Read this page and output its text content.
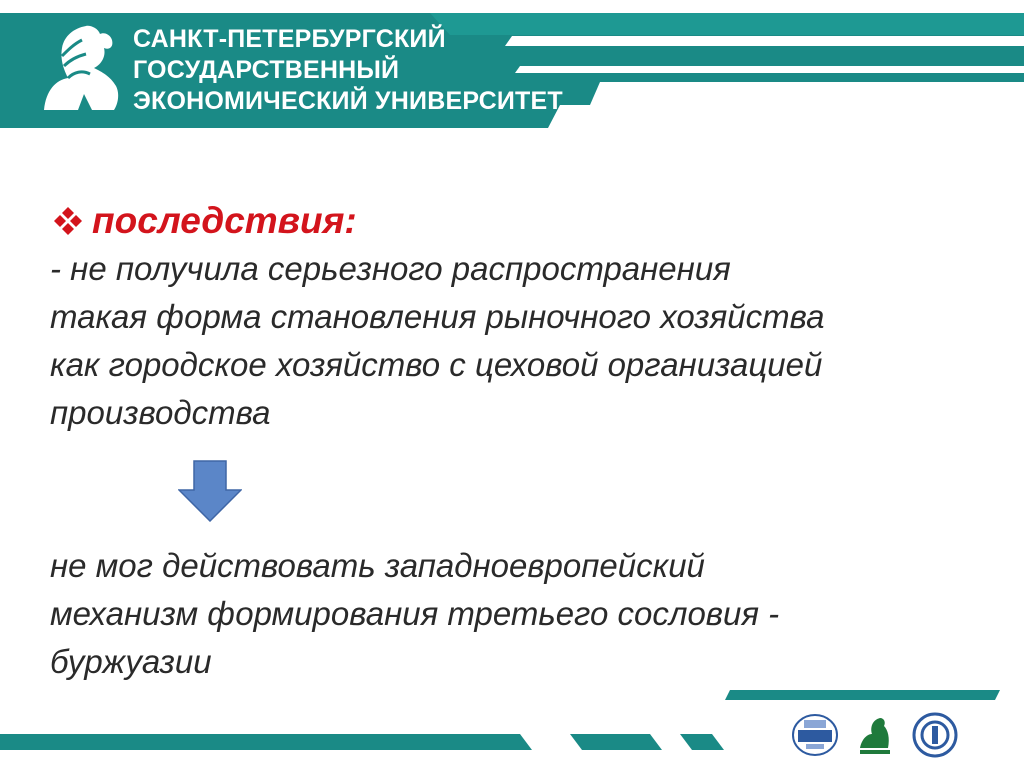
САНКТ-ПЕТЕРБУРГСКИЙ
ГОСУДАРСТВЕННЫЙ
ЭКОНОМИЧЕСКИЙ УНИВЕРСИТЕТ
последствия:
- не получила серьезного распространения
такая форма становления рыночного хозяйства
как городское хозяйство с цеховой организацией
производства
не мог действовать западноевропейский
механизм формирования третьего сословия -
буржуазии
